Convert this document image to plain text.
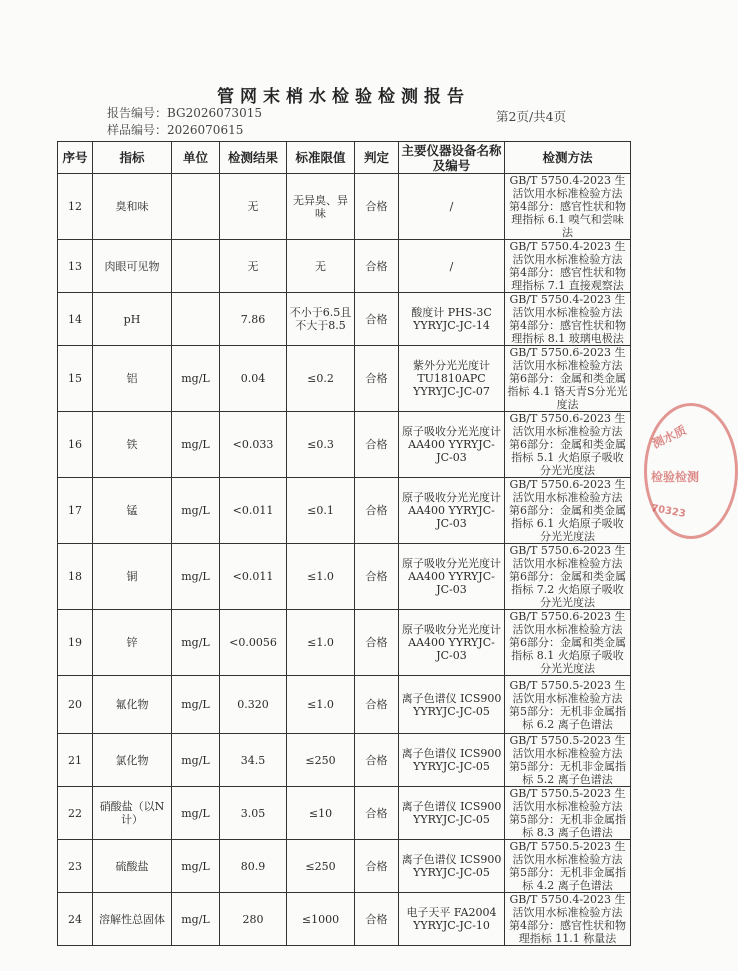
管网末梢水检验检测报告
报告编号：BG2026073015	第2页/共4页
样品编号：2026070615
序号	指标	单位	检测结果	标准限值	判定	主要仪器设备名称及编号	检测方法
12	臭和味		无	无异臭、异味	合格	/	GB/T 5750.4-2023 生活饮用水标准检验方法 第4部分：感官性状和物理指标 6.1 嗅气和尝味法
13	肉眼可见物		无	无	合格	/	GB/T 5750.4-2023 生活饮用水标准检验方法 第4部分：感官性状和物理指标 7.1 直接观察法
14	pH		7.86	不小于6.5且不大于8.5	合格	酸度计 PHS-3C YYRYJC-JC-14	GB/T 5750.4-2023 生活饮用水标准检验方法 第4部分：感官性状和物理指标 8.1 玻璃电极法
15	铝	mg/L	0.04	≤0.2	合格	紫外分光光度计 TU1810APC YYRYJC-JC-07	GB/T 5750.6-2023 生活饮用水标准检验方法 第6部分：金属和类金属指标 4.1 铬天青S分光光度法
16	铁	mg/L	<0.033	≤0.3	合格	原子吸收分光光度计 AA400 YYRYJC-JC-03	GB/T 5750.6-2023 生活饮用水标准检验方法 第6部分：金属和类金属指标 5.1 火焰原子吸收分光光度法
17	锰	mg/L	<0.011	≤0.1	合格	原子吸收分光光度计 AA400 YYRYJC-JC-03	GB/T 5750.6-2023 生活饮用水标准检验方法 第6部分：金属和类金属指标 6.1 火焰原子吸收分光光度法
18	铜	mg/L	<0.011	≤1.0	合格	原子吸收分光光度计 AA400 YYRYJC-JC-03	GB/T 5750.6-2023 生活饮用水标准检验方法 第6部分：金属和类金属指标 7.2 火焰原子吸收分光光度法
19	锌	mg/L	<0.0056	≤1.0	合格	原子吸收分光光度计 AA400 YYRYJC-JC-03	GB/T 5750.6-2023 生活饮用水标准检验方法 第6部分：金属和类金属指标 8.1 火焰原子吸收分光光度法
20	氟化物	mg/L	0.320	≤1.0	合格	离子色谱仪 ICS900 YYRYJC-JC-05	GB/T 5750.5-2023 生活饮用水标准检验方法 第5部分：无机非金属指标 6.2 离子色谱法
21	氯化物	mg/L	34.5	≤250	合格	离子色谱仪 ICS900 YYRYJC-JC-05	GB/T 5750.5-2023 生活饮用水标准检验方法 第5部分：无机非金属指标 5.2 离子色谱法
22	硝酸盐（以N计）	mg/L	3.05	≤10	合格	离子色谱仪 ICS900 YYRYJC-JC-05	GB/T 5750.5-2023 生活饮用水标准检验方法 第5部分：无机非金属指标 8.3 离子色谱法
23	硫酸盐	mg/L	80.9	≤250	合格	离子色谱仪 ICS900 YYRYJC-JC-05	GB/T 5750.5-2023 生活饮用水标准检验方法 第5部分：无机非金属指标 4.2 离子色谱法
24	溶解性总固体	mg/L	280	≤1000	合格	电子天平 FA2004 YYRYJC-JC-10	GB/T 5750.4-2023 生活饮用水标准检验方法 第4部分：感官性状和物理指标 11.1 称量法
测水质
检验检测
70323
